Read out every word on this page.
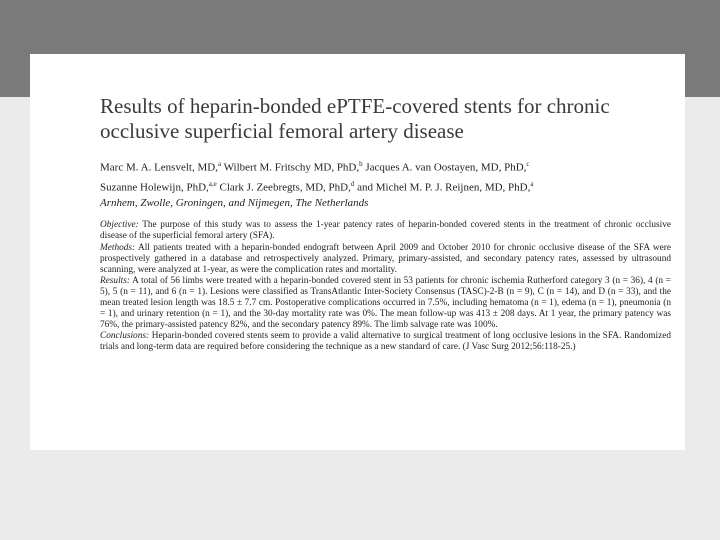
Results of heparin-bonded ePTFE-covered stents for chronic occlusive superficial femoral artery disease
Marc M. A. Lensvelt, MD,$^a$ Wilbert M. Fritschy MD, PhD,$^b$ Jacques A. van Oostayen, MD, PhD,$^c$
Suzanne Holewijn, PhD,$^{a,e}$ Clark J. Zeebregts, MD, PhD,$^d$ and Michel M. P. J. Reijnen, MD, PhD,$^a$
Arnhem, Zwolle, Groningen, and Nijmegen, The Netherlands

Objective: The purpose of this study was to assess the 1-year patency rates of heparin-bonded covered stents in the treatment of chronic occlusive disease of the superficial femoral artery (SFA).

Methods: All patients treated with a heparin-bonded endograft between April 2009 and October 2010 for chronic occlusive disease of the SFA were prospectively gathered in a database and retrospectively analyzed. Primary, primary-assisted, and secondary patency rates, assessed by ultrasound scanning, were analyzed at 1-year, as were the complication rates and mortality.

Results: A total of 56 limbs were treated with a heparin-bonded covered stent in 53 patients for chronic ischemia Rutherford category 3 (n = 36), 4 (n = 5), 5 (n = 11), and 6 (n = 1). Lesions were classified as TransAtlantic Inter-Society Consensus (TASC)-2-B (n = 9), C (n = 14), and D (n = 33), and the mean treated lesion length was 18.5 ± 7.7 cm. Postoperative complications occurred in 7.5%, including hematoma (n = 1), edema (n = 1), pneumonia (n = 1), and urinary retention (n = 1), and the 30-day mortality rate was 0%. The mean follow-up was 413 ± 208 days. At 1 year, the primary patency was 76%, the primary-assisted patency 82%, and the secondary patency 89%. The limb salvage rate was 100%.

Conclusions: Heparin-bonded covered stents seem to provide a valid alternative to surgical treatment of long occlusive lesions in the SFA. Randomized trials and long-term data are required before considering the technique as a new standard of care. (J Vasc Surg 2012;56:118-25.)
